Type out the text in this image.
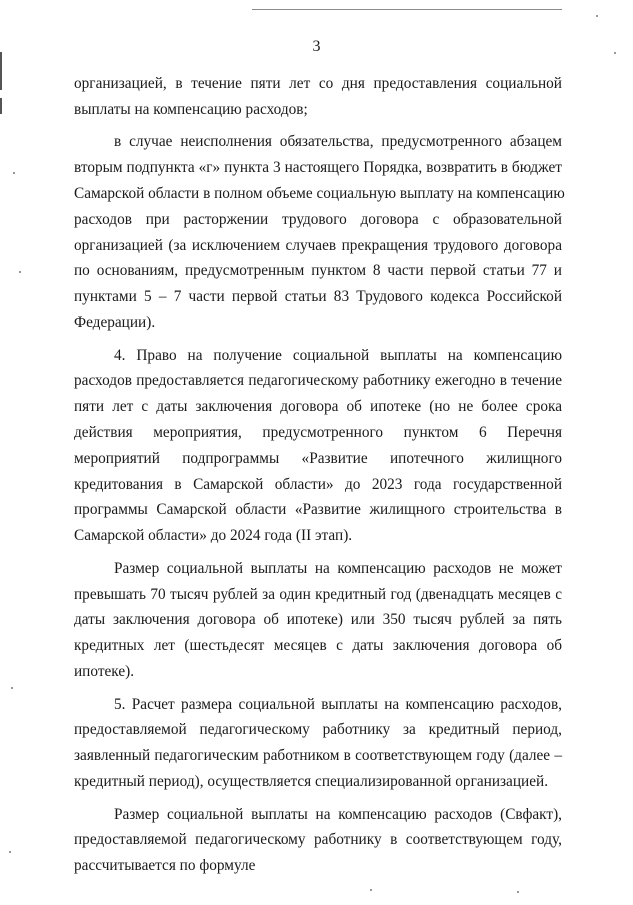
3
организацией, в течение пяти лет со дня предоставления социальной
выплаты на компенсацию расходов;
в случае неисполнения обязательства, предусмотренного абзацем
вторым подпункта «г» пункта 3 настоящего Порядка, возвратить в бюджет
Самарской области в полном объеме социальную выплату на компенсацию
расходов при расторжении трудового договора с образовательной
организацией (за исключением случаев прекращения трудового договора
по основаниям, предусмотренным пунктом 8 части первой статьи 77 и
пунктами 5 – 7 части первой статьи 83 Трудового кодекса Российской
Федерации).
4. Право на получение социальной выплаты на компенсацию
расходов предоставляется педагогическому работнику ежегодно в течение
пяти лет с даты заключения договора об ипотеке (но не более срока
действия мероприятия, предусмотренного пунктом 6 Перечня
мероприятий подпрограммы «Развитие ипотечного жилищного
кредитования в Самарской области» до 2023 года государственной
программы Самарской области «Развитие жилищного строительства в
Самарской области» до 2024 года (II этап).
Размер социальной выплаты на компенсацию расходов не может
превышать 70 тысяч рублей за один кредитный год (двенадцать месяцев с
даты заключения договора об ипотеке) или 350 тысяч рублей за пять
кредитных лет (шестьдесят месяцев с даты заключения договора об
ипотеке).
5. Расчет размера социальной выплаты на компенсацию расходов,
предоставляемой педагогическому работнику за кредитный период,
заявленный педагогическим работником в соответствующем году (далее –
кредитный период), осуществляется специализированной организацией.
Размер социальной выплаты на компенсацию расходов (Свфакт),
предоставляемой педагогическому работнику в соответствующем году,
рассчитывается по формуле
